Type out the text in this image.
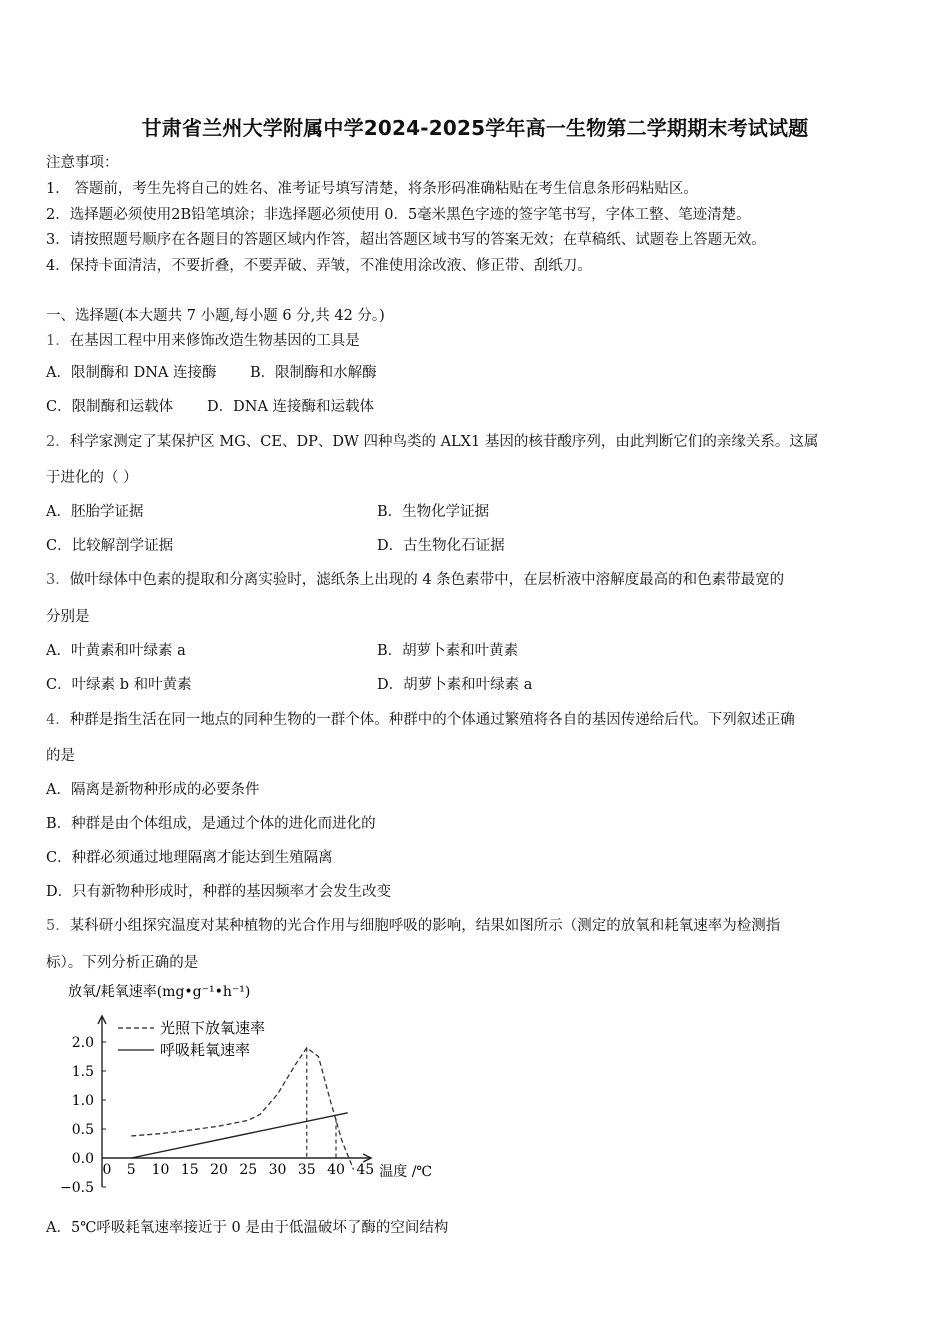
甘肃省兰州大学附属中学2024-2025学年高一生物第二学期期末考试试题
注意事项：
1． 答题前，考生先将自己的姓名、准考证号填写清楚，将条形码准确粘贴在考生信息条形码粘贴区。
2．选择题必须使用2B铅笔填涂；非选择题必须使用 0．5毫米黑色字迹的签字笔书写，字体工整、笔迹清楚。
3．请按照题号顺序在各题目的答题区域内作答，超出答题区域书写的答案无效；在草稿纸、试题卷上答题无效。
4．保持卡面清洁，不要折叠，不要弄破、弄皱，不准使用涂改液、修正带、刮纸刀。
一、选择题(本大题共 7 小题,每小题 6 分,共 42 分。)
1．在基因工程中用来修饰改造生物基因的工具是
A．限制酶和 DNA 连接酶 B．限制酶和水解酶
C．限制酶和运载体 D．DNA 连接酶和运载体
2．科学家测定了某保护区 MG、CE、DP、DW 四种鸟类的 ALX1 基因的核苷酸序列，由此判断它们的亲缘关系。这属
于进化的（ ）
A．胚胎学证据	B．生物化学证据
C．比较解剖学证据	D．古生物化石证据
3．做叶绿体中色素的提取和分离实验时，滤纸条上出现的 4 条色素带中，在层析液中溶解度最高的和色素带最宽的
分别是
A．叶黄素和叶绿素 a	B．胡萝卜素和叶黄素
C．叶绿素 b 和叶黄素	D．胡萝卜素和叶绿素 a
4．种群是指生活在同一地点的同种生物的一群个体。种群中的个体通过繁殖将各自的基因传递给后代。下列叙述正确
的是
A．隔离是新物种形成的必要条件
B．种群是由个体组成，是通过个体的进化而进化的
C．种群必须通过地理隔离才能达到生殖隔离
D．只有新物种形成时，种群的基因频率才会发生改变
5．某科研小组探究温度对某种植物的光合作用与细胞呼吸的影响，结果如图所示（测定的放氧和耗氧速率为检测指
标）。下列分析正确的是
放氧/耗氧速率(mg•g⁻¹•h⁻¹)
2.0
1.5
1.0
0.5
0.0
−0.5
0 5 10 15 20 25 30 35 40 45 温度 /℃
光照下放氧速率
呼吸耗氧速率
A．5℃呼吸耗氧速率接近于 0 是由于低温破坏了酶的空间结构
